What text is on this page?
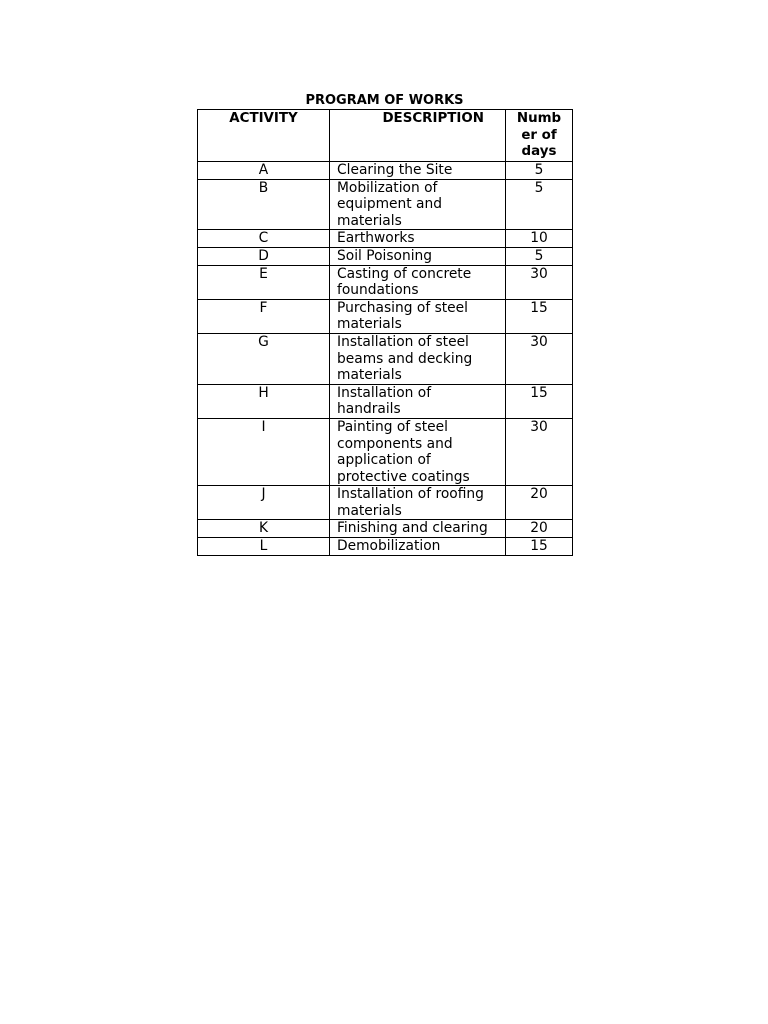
PROGRAM OF WORKS
ACTIVITY	DESCRIPTION	Numb
er of
days
A	Clearing the Site	5
B	Mobilization of
equipment and
materials	5
C	Earthworks	10
D	Soil Poisoning	5
E	Casting of concrete
foundations	30
F	Purchasing of steel
materials	15
G	Installation of steel
beams and decking
materials	30
H	Installation of
handrails	15
I	Painting of steel
components and
application of
protective coatings	30
J	Installation of roofing
materials	20
K	Finishing and clearing	20
L	Demobilization	15
